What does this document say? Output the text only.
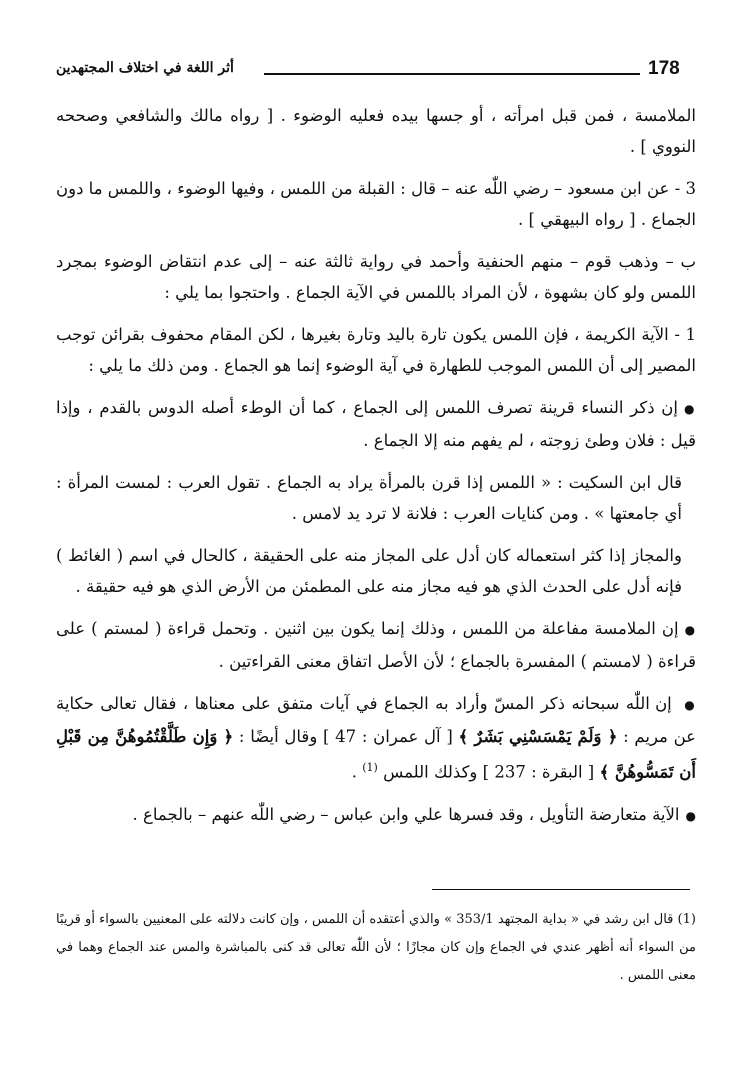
178
أثر اللغة في اختلاف المجتهدين

الملامسة ، فمن قبل امرأته ، أو جسها بيده فعليه الوضوء . [ رواه مالك والشافعي وصححه النووي ] .

3 - عن ابن مسعود – رضي اللّٰه عنه – قال : القبلة من اللمس ، وفيها الوضوء ، واللمس ما دون الجماع . [ رواه البيهقي ] .

ب – وذهب قوم – منهم الحنفية وأحمد في رواية ثالثة عنه – إلى عدم انتقاض الوضوء بمجرد اللمس ولو كان بشهوة ، لأن المراد باللمس في الآية الجماع . واحتجوا بما يلي :

1 - الآية الكريمة ، فإن اللمس يكون تارة باليد وتارة بغيرها ، لكن المقام محفوف بقرائن توجب المصير إلى أن اللمس الموجب للطهارة في آية الوضوء إنما هو الجماع . ومن ذلك ما يلي :

● إن ذكر النساء قرينة تصرف اللمس إلى الجماع ، كما أن الوطء أصله الدوس بالقدم ، وإذا قيل : فلان وطئ زوجته ، لم يفهم منه إلا الجماع .

قال ابن السكيت : « اللمس إذا قرن بالمرأة يراد به الجماع . تقول العرب : لمست المرأة : أي جامعتها » . ومن كنايات العرب : فلانة لا ترد يد لامس .

والمجاز إذا كثر استعماله كان أدل على المجاز منه على الحقيقة ، كالحال في اسم ( الغائط ) فإنه أدل على الحدث الذي هو فيه مجاز منه على المطمئن من الأرض الذي هو فيه حقيقة .

● إن الملامسة مفاعلة من اللمس ، وذلك إنما يكون بين اثنين . وتحمل قراءة ( لمستم ) على قراءة ( لامستم ) المفسرة بالجماع ؛ لأن الأصل اتفاق معنى القراءتين .

● إن اللّٰه سبحانه ذكر المسّ وأراد به الجماع في آيات متفق على معناها ، فقال تعالى حكاية عن مريم : ﴿ وَلَمْ يَمْسَسْنِي بَشَرٌ ﴾ [ آل عمران : 47 ] وقال أيضًا : ﴿ وَإِن طَلَّقْتُمُوهُنَّ مِن قَبْلِ أَن تَمَسُّوهُنَّ ﴾ [ البقرة : 237 ] وكذلك اللمس $^{(1)}$ .

● الآية متعارضة التأويل ، وقد فسرها علي وابن عباس – رضي اللّٰه عنهم – بالجماع .

(1) قال ابن رشد في « بداية المجتهد 353/1 » والذي أعتقده أن اللمس ، وإن كانت دلالته على المعنيين بالسواء أو قريبًا من السواء أنه أظهر عندي في الجماع وإن كان مجازًا ؛ لأن اللّٰه تعالى قد كنى بالمباشرة والمس عند الجماع وهما في معنى اللمس .
